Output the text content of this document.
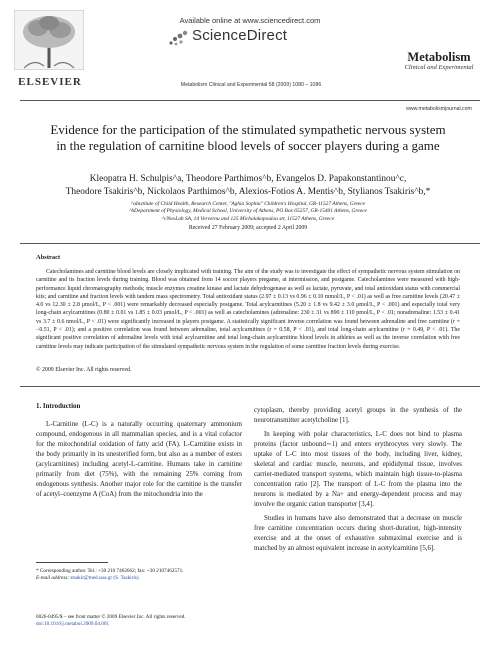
ELSEVIER
Available online at www.sciencedirect.com
ScienceDirect
Metabolism Clinical and Experimental 58 (2009) 1080 – 1086
Metabolism
Clinical and Experimental
www.metabolismjournal.com
Evidence for the participation of the stimulated sympathetic nervous system in the regulation of carnitine blood levels of soccer players during a game
Kleopatra H. Schulpis^a, Theodore Parthimos^b, Evangelos D. Papakonstantinou^c,
Theodore Tsakiris^b, Nickolaos Parthimos^b, Alexios-Fotios A. Mentis^b, Stylianos Tsakiris^b,*
^aInstitute of Child Health, Research Center, "Aghia Sophia" Children's Hospital, GR-11527 Athens, Greece
^bDepartment of Physiology, Medical School, University of Athens, PO Box 65257, GR-15401 Athens, Greece
^cNeoLab SA, 14 Ververou and 125 Michalakopoulou str, 11527 Athens, Greece
Received 27 February 2009; accepted 2 April 2009
Abstract
Catecholamines and carnitine blood levels are closely implicated with training. The aim of the study was to investigate the effect of sympathetic nervous system stimulation on carnitine and its fraction levels during training. Blood was obtained from 14 soccer players pregame, at intermission, and postgame. Catecholamines were measured with high-performance liquid chromatography methods; muscle enzymes creatine kinase and lactate dehydrogenase as well as lactate, pyruvate, and total antioxidant status with commercial kits; and carnitine and fraction levels with tandem mass spectrometry. Total antioxidant status (2.97 ± 0.13 vs 0.96 ± 0.10 mmol/L, P < .01) as well as free carnitine levels (20.47 ± 4.0 vs 12.30 ± 2.8 μmol/L, P < .001) were remarkably decreased especially postgame. Total acylcarnitines (5.20 ± 1.8 vs 9.42 ± 3.0 μmol/L, P < .001) and especially total very long-chain acylcarnitines (0.80 ± 0.01 vs 1.85 ± 0.03 μmol/L, P < .001) as well as catecholamines (adrenaline: 230 ± 31 vs 890 ± 110 pmol/L, P < .01; noradrenaline: 1.53 ± 0.41 vs 3.7 ± 0.6 nmol/L, P < .01) were significantly increased in players postgame. A statistically significant inverse correlation was found between adrenaline and free carnitine (r = −0.51, P < .01); and a positive correlation was found between adrenaline, total acylcarnitines (r = 0.58, P < .01), and total long-chain acylcarnitine (r = 0.49, P < .01). The significant positive correlation of adrenaline levels with total acylcarnitine and total long-chain acylcarnitine blood levels in athletes as well as the inverse correlation with free carnitine levels may indicate participation of the stimulated sympathetic nervous system in the regulation of some carnitine fraction levels during exercise.
© 2009 Elsevier Inc. All rights reserved.
1. Introduction

L-Carnitine (L-C) is a naturally occurring quaternary ammonium compound, endogenous in all mammalian species, and is a vital cofactor for the mitochondrial oxidation of fatty acid (FA). L-Carnitine exists in the body primarily in its unesterified form, but also as a number of esters (acylcarnitines) including acetyl-L-carnitine. Humans take in carnitine primarily from diet (75%), with the remaining 25% coming from endogenous synthesis. Another major role for the carnitine is the transfer of acetyl–coenzyme A (CoA) from the mitochondria into the

cytoplasm, thereby providing acetyl groups in the synthesis of the neurotransmitter acetylcholine [1].

In keeping with polar characteristics, L-C does not bind to plasma proteins (factor unbound∼1) and enters erythrocytes very slowly. The uptake of L-C into most tissues of the body, including liver, kidney, skeletal and cardiac muscle, neurons, and epididymal tissue, involves carrier-mediated transport systems, which maintain high tissue-to-plasma concentration ratio [2]. The transport of L-C from the plasma into the neurons is mediated by a Na+ and energy-dependent process and may involve the organic cation transporter [3,4].

Studies in humans have also demonstrated that a decrease on muscle free carnitine concentration occurs during short-duration, high-intensity exercise and at the onset of exhaustive submaximal exercise and is matched by an almost equivalent increase in acetylcarnitine [5,6].

* Corresponding author. Tel.: +30 210 7462662; fax: +30 2107462571.
E-mail address: stsakir@med.uoa.gr (S. Tsakiris).
0026-0495/$ – see front matter © 2009 Elsevier Inc. All rights reserved.
doi:10.1016/j.metabol.2009.04.001
